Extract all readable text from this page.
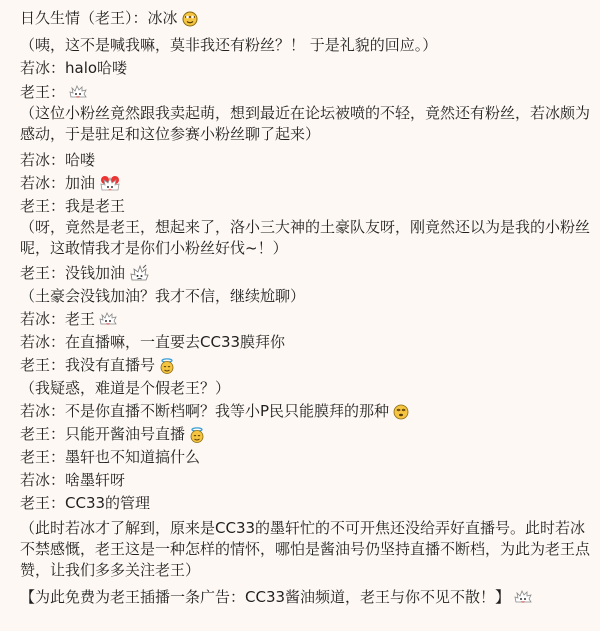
日久生情（老王）：冰冰
（咦，这不是喊我嘛，莫非我还有粉丝？！ 于是礼貌的回应。）
若冰：halo哈喽
老王：
（这位小粉丝竟然跟我卖起萌，想到最近在论坛被喷的不轻，竟然还有粉丝，若冰颇为感动，于是驻足和这位参赛小粉丝聊了起来）
若冰：哈喽
若冰：加油
老王：我是老王
（呀，竟然是老王，想起来了，洛小三大神的土豪队友呀，刚竟然还以为是我的小粉丝呢，这敢情我才是你们小粉丝好伐~！）
老王：没钱加油
（土豪会没钱加油？我才不信，继续尬聊）
若冰：老王
若冰：在直播嘛，一直要去CC33膜拜你
老王：我没有直播号
（我疑惑，难道是个假老王？）
若冰：不是你直播不断档啊？我等小P民只能膜拜的那种
老王：只能开酱油号直播
老王：墨轩也不知道搞什么
若冰：啥墨轩呀
老王：CC33的管理
（此时若冰才了解到，原来是CC33的墨轩忙的不可开焦还没给弄好直播号。此时若冰不禁感慨，老王这是一种怎样的情怀，哪怕是酱油号仍坚持直播不断档，为此为老王点赞，让我们多多关注老王）
【为此免费为老王插播一条广告：CC33酱油频道，老王与你不见不散！】
